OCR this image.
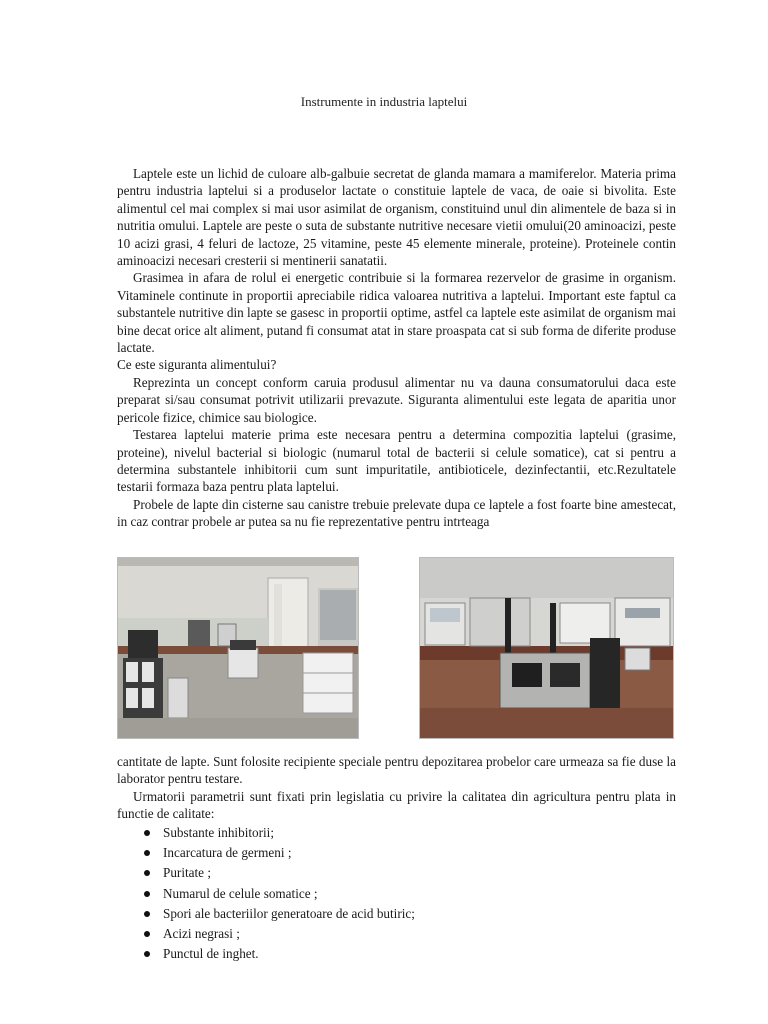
Instrumente in industria laptelui

Laptele este un lichid de culoare alb-galbuie secretat de glanda mamara a mamiferelor. Materia prima pentru industria laptelui si a produselor lactate o constituie laptele de vaca, de oaie si bivolita. Este alimentul cel mai complex si mai usor asimilat de organism, constituind unul din alimentele de baza si in nutritia omului. Laptele are peste o suta de substante nutritive necesare vietii omului(20 aminoacizi, peste 10 acizi grasi, 4 feluri de lactoze, 25 vitamine, peste 45 elemente minerale, proteine). Proteinele contin aminoacizi necesari cresterii si mentinerii sanatatii.

Grasimea in afara de rolul ei energetic contribuie si la formarea rezervelor de grasime in organism. Vitaminele continute in proportii apreciabile ridica valoarea nutritiva a laptelui. Important este faptul ca substantele nutritive din lapte se gasesc in proportii optime, astfel ca laptele este asimilat de organism mai bine decat orice alt aliment, putand fi consumat atat in stare proaspata cat si sub forma de diferite produse lactate.

Ce este siguranta alimentului?

Reprezinta un concept conform caruia produsul alimentar nu va dauna consumatorului daca este preparat si/sau consumat potrivit utilizarii prevazute. Siguranta alimentului este legata de aparitia unor pericole fizice, chimice sau biologice.

Testarea laptelui materie prima este necesara pentru a determina compozitia laptelui (grasime, proteine), nivelul bacterial si biologic (numarul total de bacterii si celule somatice), cat si pentru a determina substantele inhibitorii cum sunt impuritatile, antibioticele, dezinfectantii, etc.Rezultatele testarii formaza baza pentru plata laptelui.

Probele de lapte din cisterne sau canistre trebuie prelevate dupa ce laptele a fost foarte bine amestecat, in caz contrar probele ar putea sa nu fie reprezentative pentru intrteaga

cantitate de lapte. Sunt folosite recipiente speciale pentru depozitarea probelor care urmeaza sa fie duse la laborator pentru testare.

Urmatorii parametrii sunt fixati prin legislatia cu privire la calitatea din agricultura pentru plata in functie de calitate:

Substante inhibitorii;
Incarcatura de germeni ;
Puritate ;
Numarul de celule somatice ;
Spori ale bacteriilor generatoare de acid butiric;
Acizi negrasi ;
Punctul de inghet.
